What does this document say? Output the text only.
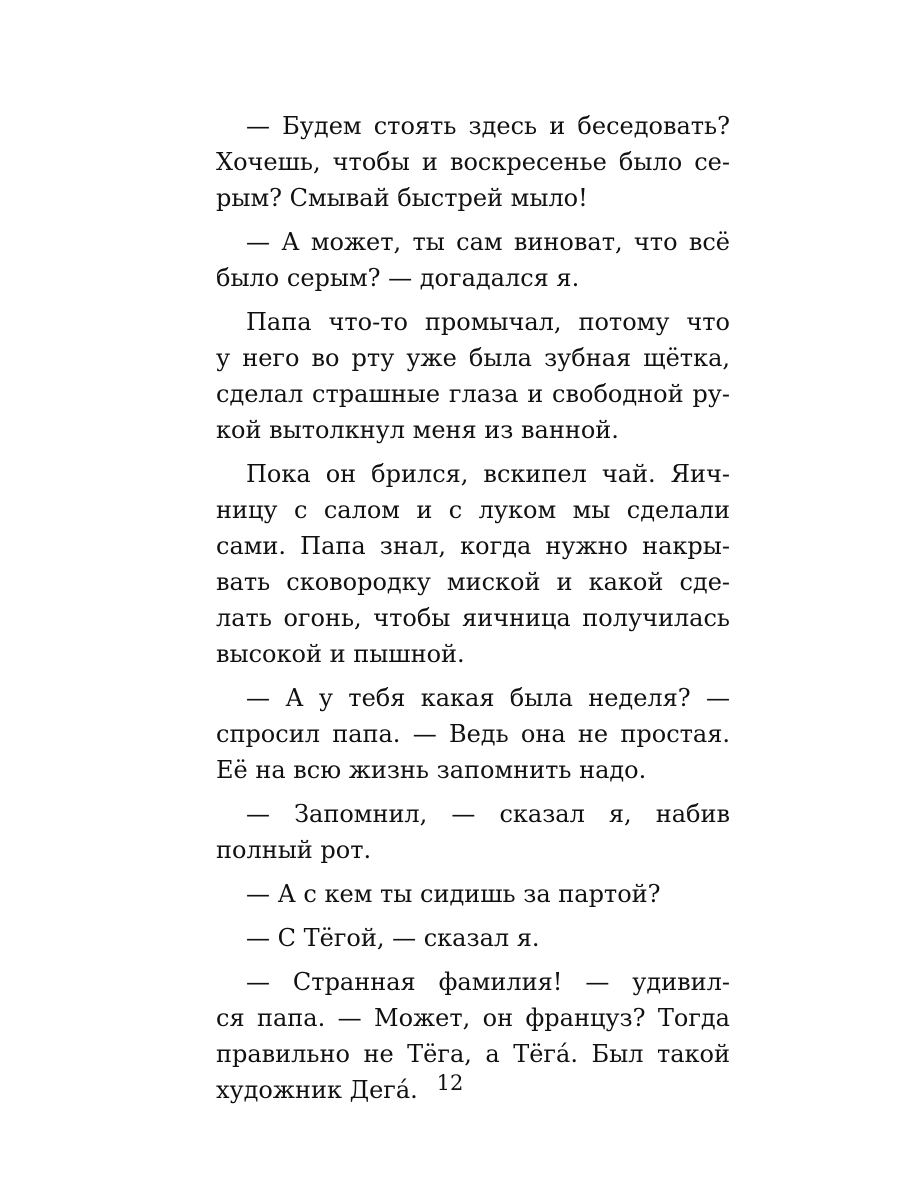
— Будем стоять здесь и беседовать?
Хочешь, чтобы и воскресенье было се-
рым? Смывай быстрей мыло!
— А может, ты сам виноват, что всё
было серым? — догадался я.
Папа что-то промычал, потому что
у него во рту уже была зубная щётка,
сделал страшные глаза и свободной ру-
кой вытолкнул меня из ванной.
Пока он брился, вскипел чай. Яич-
ницу с салом и с луком мы сделали
сами. Папа знал, когда нужно накры-
вать сковородку миской и какой сде-
лать огонь, чтобы яичница получилась
высокой и пышной.
— А у тебя какая была неделя? —
спросил папа. — Ведь она не простая.
Её на всю жизнь запомнить надо.
— Запомнил, — сказал я, набив
полный рот.
— А с кем ты сидишь за партой?
— С Тёгой, — сказал я.
— Странная фамилия! — удивил-
ся папа. — Может, он француз? Тогда
правильно не Тёга, а Тёга́. Был такой
художник Дега́. 12
